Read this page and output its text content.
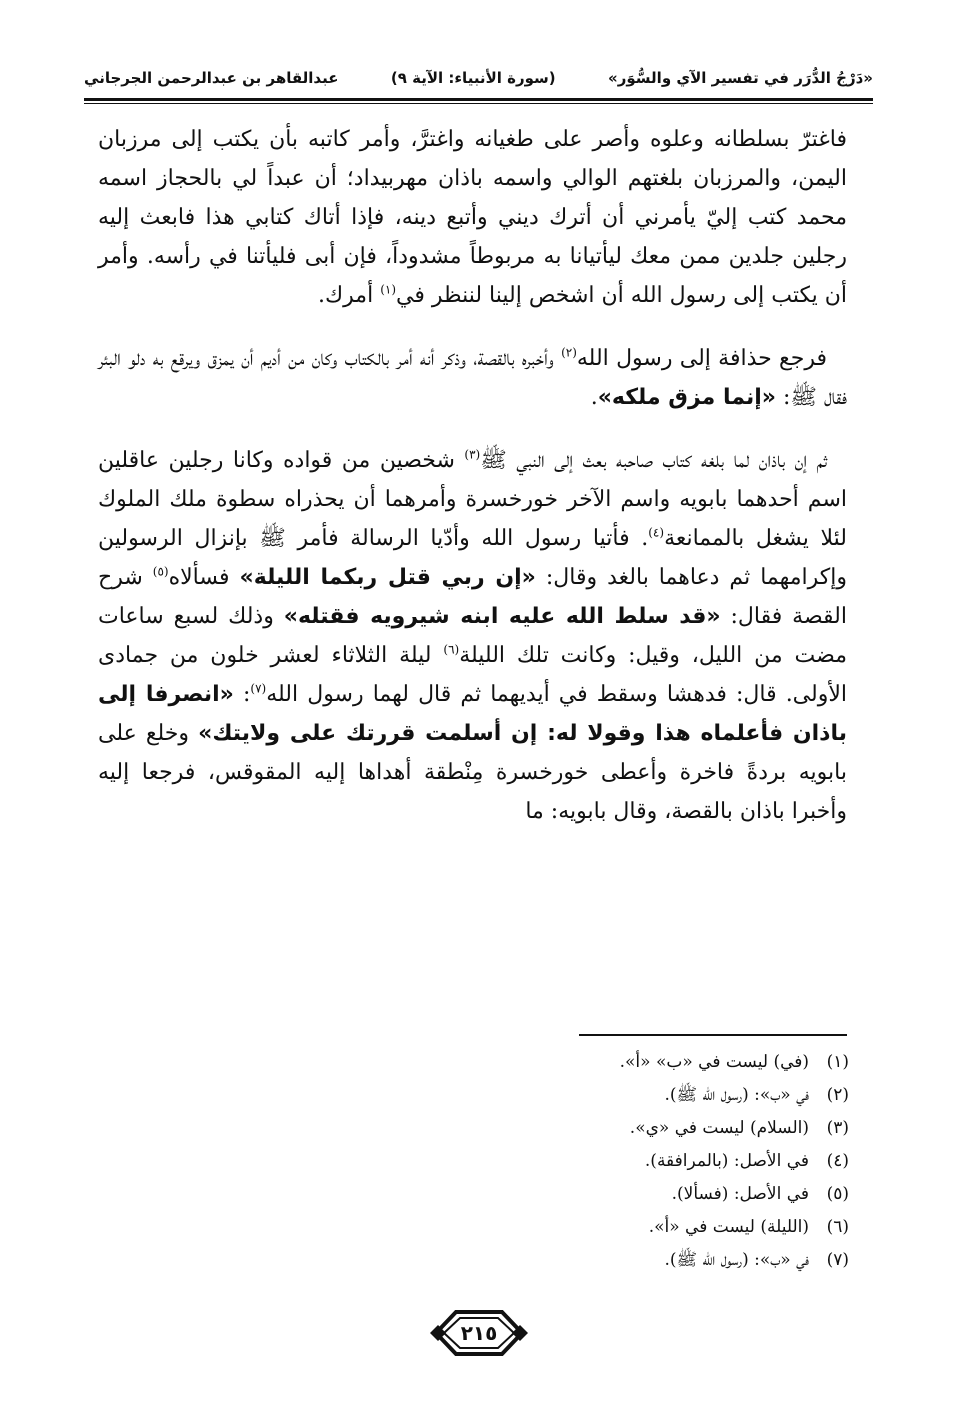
«دَرْجُ الدُّرَر في تفسير الآي والسُّوَر»
(سورة الأنبياء: الآية ٩)
عبدالقاهر بن عبدالرحمن الجرجاني

فاغترّ بسلطانه وعلوه وأصر على طغيانه واغترَّ، وأمر كاتبه بأن يكتب إلى مرزبان اليمن، والمرزبان بلغتهم الوالي واسمه باذان مهربيداد؛ أن عبداً لي بالحجاز اسمه محمد كتب إليّ يأمرني أن أترك ديني وأتبع دينه، فإذا أتاك كتابي هذا فابعث إليه رجلين جلدين ممن معك ليأتيانا به مربوطاً مشدوداً، فإن أبى فليأتنا في رأسه. وأمر أن يكتب إلى رسول الله أن اشخص إلينا لننظر في$^{(١)}$ أمرك.

فرجع حذافة إلى رسول الله$^{(٢)}$ وأخبره بالقصة، وذكر أنه أمر بالكتاب وكان من أديم أن يمزق ويرقع به دلو البئر فقال ﷺ: «إنما مزق ملكه».

ثم إن باذان لما بلغه كتاب صاحبه بعث إلى النبي ﷺ$^{(٣)}$ شخصين من قواده وكانا رجلين عاقلين اسم أحدهما بابويه واسم الآخر خورخسرة وأمرهما أن يحذراه سطوة ملك الملوك لئلا يشغل بالممانعة$^{(٤)}$. فأتيا رسول الله وأدّيا الرسالة فأمر ﷺ بإنزال الرسولين وإكرامهما ثم دعاهما بالغد وقال: «إن ربي قتل ربكما الليلة» فسألاه$^{(٥)}$ شرح القصة فقال: «قد سلط الله عليه ابنه شيرويه فقتله» وذلك لسبع ساعات مضت من الليل، وقيل: وكانت تلك الليلة$^{(٦)}$ ليلة الثلاثاء لعشر خلون من جمادى الأولى. قال: فدهشا وسقط في أيديهما ثم قال لهما رسول الله$^{(٧)}$: «انصرفا إلى باذان فأعلماه هذا وقولا له: إن أسلمت قررتك على ولايتك» وخلع على بابويه بردةً فاخرة وأعطى خورخسرة مِنْطقة أهداها إليه المقوقس، فرجعا إليه وأخبرا باذان بالقصة، وقال بابويه: ما

(١)(في) ليست في «ب» «أ».
(٢)في «ب»: (رسول الله ﷺ).
(٣)(السلام) ليست في «ي».
(٤)في الأصل: (بالمرافقة).
(٥)في الأصل: (فسألا).
(٦)(الليلة) ليست في «أ».
(٧)في «ب»: (رسول الله ﷺ).
٢١٥
